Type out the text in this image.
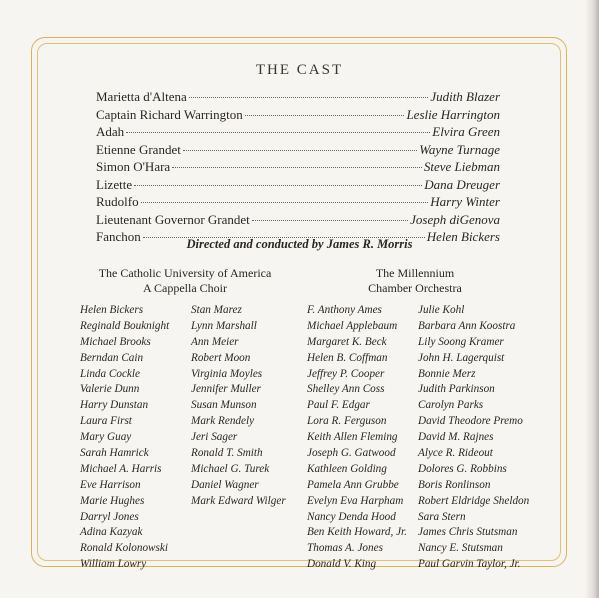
THE CAST
Marietta d'Altena	Judith Blazer
Captain Richard Warrington	Leslie Harrington
Adah	Elvira Green
Etienne Grandet	Wayne Turnage
Simon O'Hara	Steve Liebman
Lizette	Dana Dreuger
Rudolfo	Harry Winter
Lieutenant Governor Grandet	Joseph diGenova
Fanchon	Helen Bickers
Directed and conducted by James R. Morris
The Catholic University of America
A Cappella Choir
The Millennium
Chamber Orchestra
Helen Bickers
Reginald Bouknight
Michael Brooks
Berndan Cain
Linda Cockle
Valerie Dunn
Harry Dunstan
Laura First
Mary Guay
Sarah Hamrick
Michael A. Harris
Eve Harrison
Marie Hughes
Darryl Jones
Adina Kazyak
Ronald Kolonowski
William Lowry
Stan Marez
Lynn Marshall
Ann Meier
Robert Moon
Virginia Moyles
Jennifer Muller
Susan Munson
Mark Rendely
Jeri Sager
Ronald T. Smith
Michael G. Turek
Daniel Wagner
Mark Edward Wilger
F. Anthony Ames
Michael Applebaum
Margaret K. Beck
Helen B. Coffman
Jeffrey P. Cooper
Shelley Ann Coss
Paul F. Edgar
Lora R. Ferguson
Keith Allen Fleming
Joseph G. Gatwood
Kathleen Golding
Pamela Ann Grubbe
Evelyn Eva Harpham
Nancy Denda Hood
Ben Keith Howard, Jr.
Thomas A. Jones
Donald V. King
Julie Kohl
Barbara Ann Koostra
Lily Soong Kramer
John H. Lagerquist
Bonnie Merz
Judith Parkinson
Carolyn Parks
David Theodore Premo
David M. Rajnes
Alyce R. Rideout
Dolores G. Robbins
Boris Ronlinson
Robert Eldridge Sheldon
Sara Stern
James Chris Stutsman
Nancy E. Stutsman
Paul Garvin Taylor, Jr.
